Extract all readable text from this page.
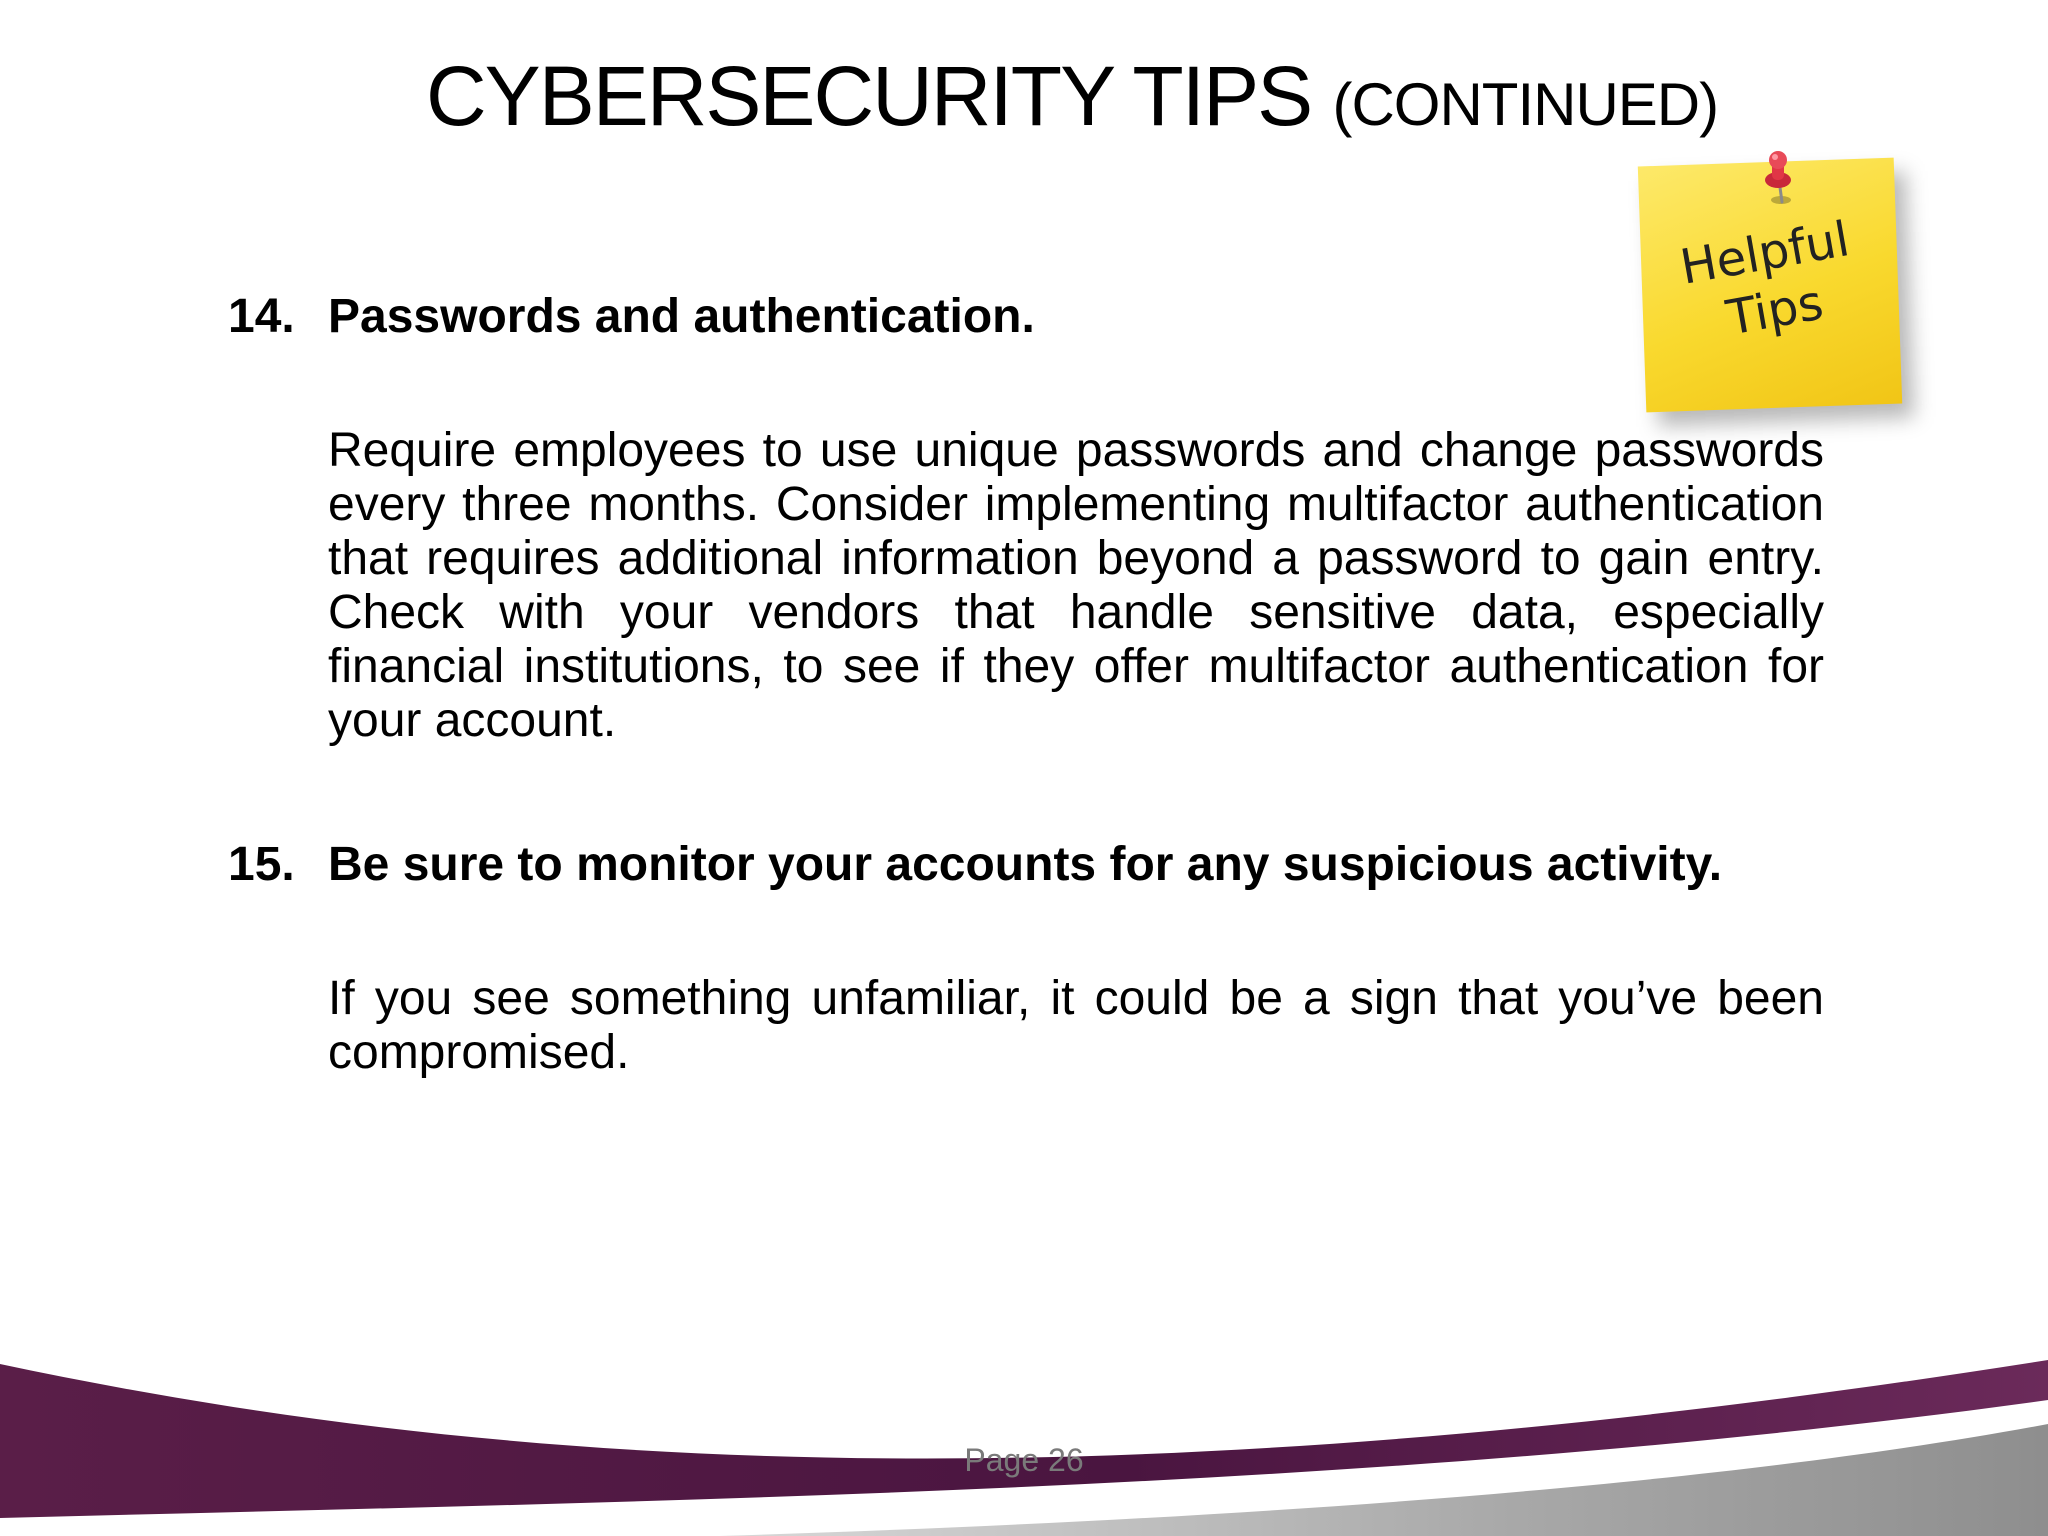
CYBERSECURITY TIPS (CONTINUED)
14. Passwords and authentication.
Require employees to use unique passwords and change passwords every three months. Consider implementing multifactor authentication that requires additional information beyond a password to gain entry. Check with your vendors that handle sensitive data, especially financial institutions, to see if they offer multifactor authentication for your account.
15. Be sure to monitor your accounts for any suspicious activity.
If you see something unfamiliar, it could be a sign that you’ve been compromised.
Helpful
Tips
Page 26
